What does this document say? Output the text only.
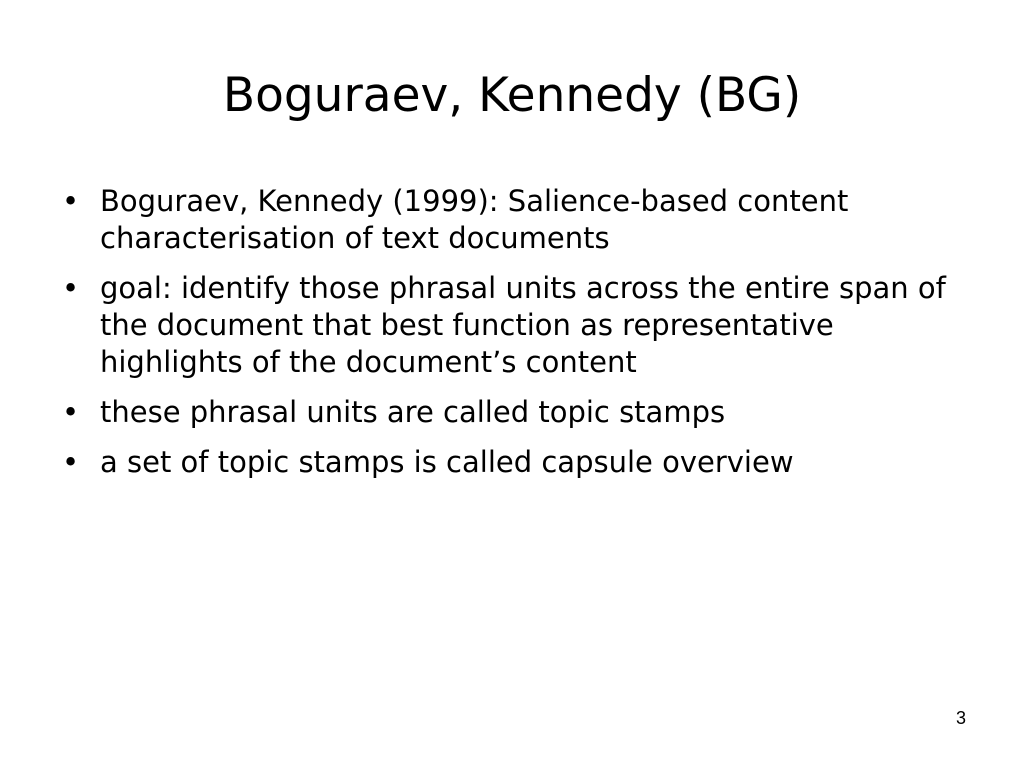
Boguraev, Kennedy (BG)
• Boguraev, Kennedy (1999): Salience-based content characterisation of text documents
• goal: identify those phrasal units across the entire span of the document that best function as representative highlights of the document’s content
• these phrasal units are called topic stamps
• a set of topic stamps is called capsule overview
3
